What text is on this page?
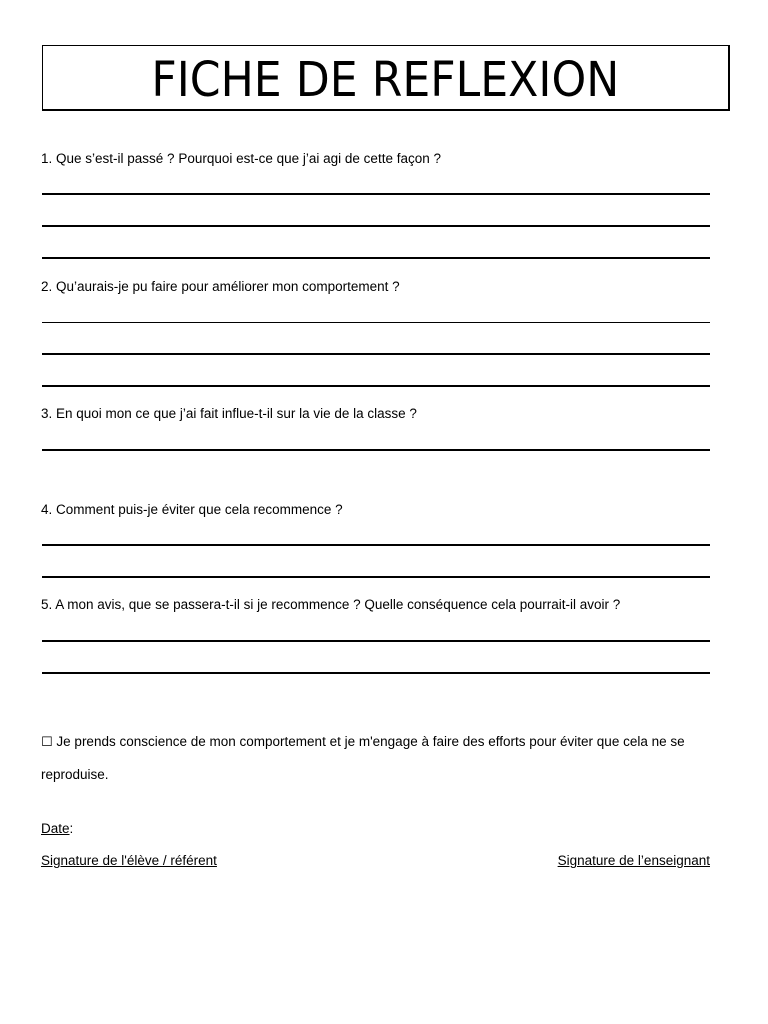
FICHE DE REFLEXION
1. Que s’est-il passé ? Pourquoi est-ce que j’ai agi de cette façon ?
2. Qu’aurais-je pu faire pour améliorer mon comportement ?
3. En quoi mon ce que j’ai fait influe-t-il sur la vie de la classe ?
4. Comment puis-je éviter que cela recommence ?
5. A mon avis, que se passera-t-il si je recommence ? Quelle conséquence cela pourrait-il avoir ?
☐ Je prends conscience de mon comportement et je m'engage à faire des efforts pour éviter que cela ne se reproduise.
Date:
Signature de l'élève / référent	Signature de l’enseignant
